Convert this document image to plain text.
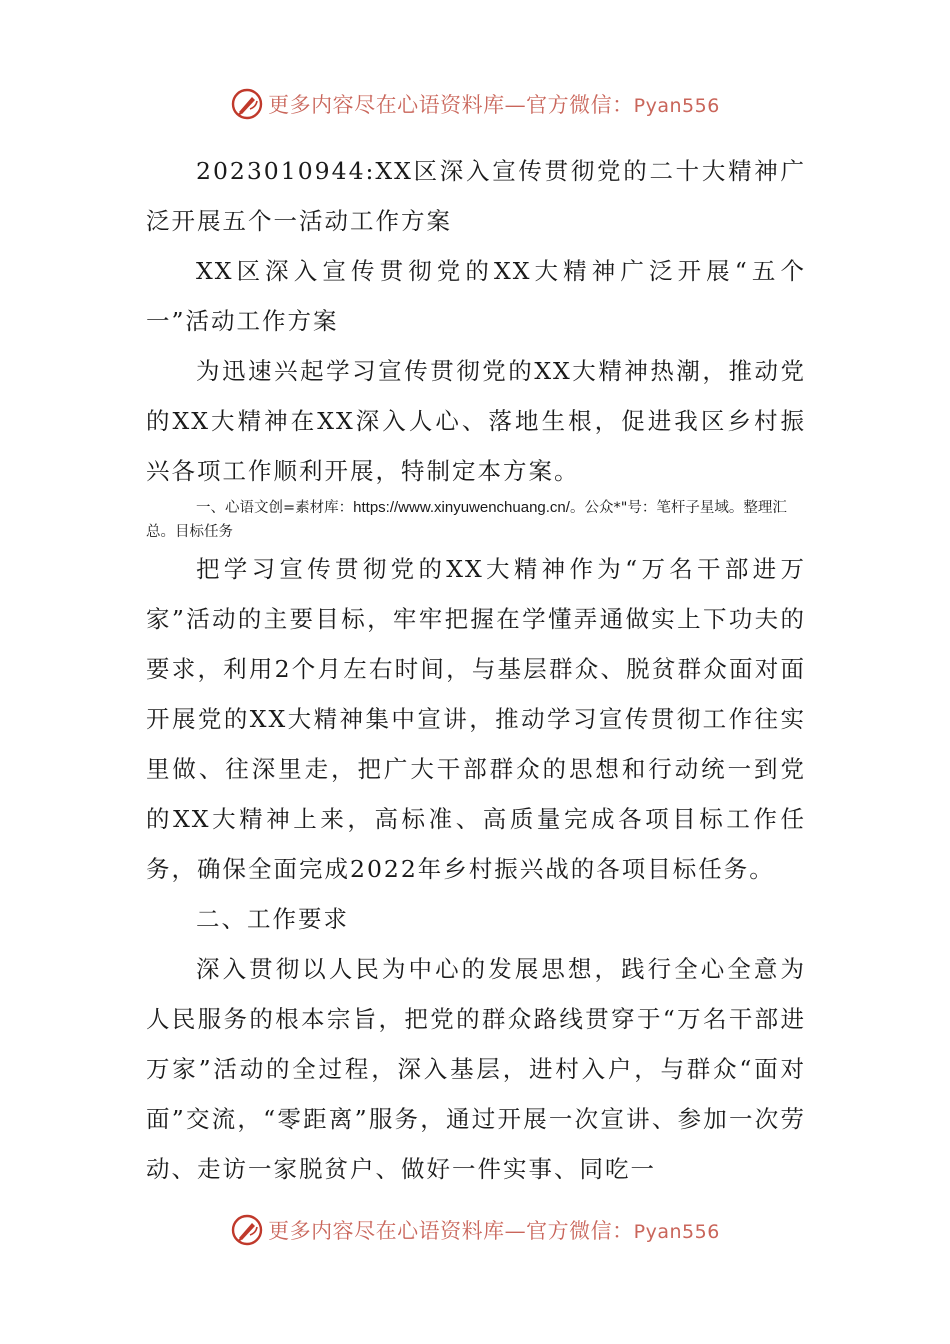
更多内容尽在心语资料库—官方微信：Pyan556

2023010944:XX区深入宣传贯彻党的二十大精神广泛开展五个一活动工作方案

XX区深入宣传贯彻党的XX大精神广泛开展“五个一”活动工作方案

为迅速兴起学习宣传贯彻党的XX大精神热潮，推动党的XX大精神在XX深入人心、落地生根，促进我区乡村振兴各项工作顺利开展，特制定本方案。

一、心语文创=素材库：https://www.xinyuwenchuang.cn/。公众*"号：笔杆子星域。整理汇总。目标任务

把学习宣传贯彻党的XX大精神作为“万名干部进万家”活动的主要目标，牢牢把握在学懂弄通做实上下功夫的要求，利用2个月左右时间，与基层群众、脱贫群众面对面开展党的XX大精神集中宣讲，推动学习宣传贯彻工作往实里做、往深里走，把广大干部群众的思想和行动统一到党的XX大精神上来，高标准、高质量完成各项目标工作任务，确保全面完成2022年乡村振兴战的各项目标任务。

二、工作要求

深入贯彻以人民为中心的发展思想，践行全心全意为人民服务的根本宗旨，把党的群众路线贯穿于“万名干部进万家”活动的全过程，深入基层，进村入户，与群众“面对面”交流，“零距离”服务，通过开展一次宣讲、参加一次劳动、走访一家脱贫户、做好一件实事、同吃一

更多内容尽在心语资料库—官方微信：Pyan556
